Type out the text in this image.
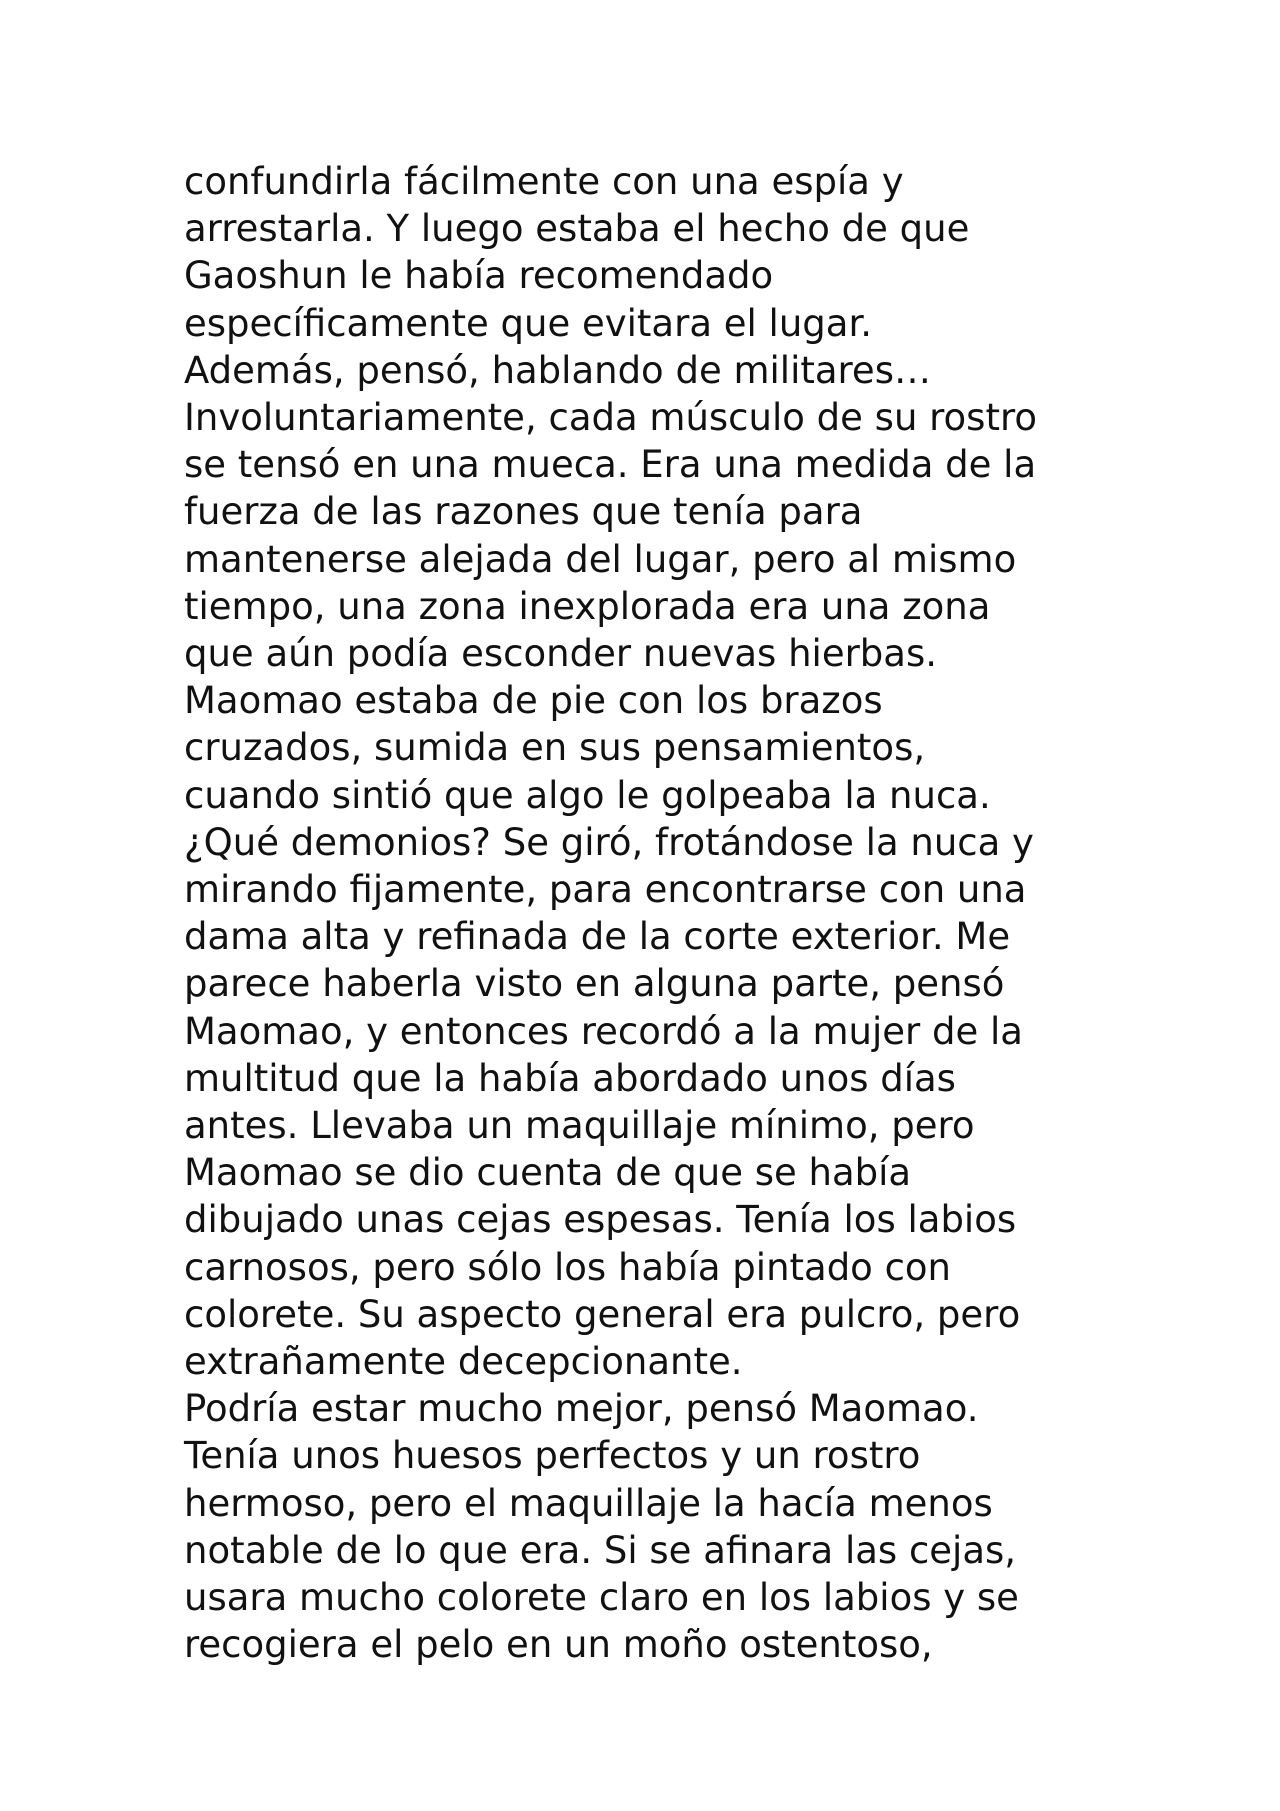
confundirla fácilmente con una espía y
arrestarla. Y luego estaba el hecho de que
Gaoshun le había recomendado
específicamente que evitara el lugar.
Además, pensó, hablando de militares…
Involuntariamente, cada músculo de su rostro
se tensó en una mueca. Era una medida de la
fuerza de las razones que tenía para
mantenerse alejada del lugar, pero al mismo
tiempo, una zona inexplorada era una zona
que aún podía esconder nuevas hierbas.
Maomao estaba de pie con los brazos
cruzados, sumida en sus pensamientos,
cuando sintió que algo le golpeaba la nuca.
¿Qué demonios? Se giró, frotándose la nuca y
mirando fijamente, para encontrarse con una
dama alta y refinada de la corte exterior. Me
parece haberla visto en alguna parte, pensó
Maomao, y entonces recordó a la mujer de la
multitud que la había abordado unos días
antes. Llevaba un maquillaje mínimo, pero
Maomao se dio cuenta de que se había
dibujado unas cejas espesas. Tenía los labios
carnosos, pero sólo los había pintado con
colorete. Su aspecto general era pulcro, pero
extrañamente decepcionante.
Podría estar mucho mejor, pensó Maomao.
Tenía unos huesos perfectos y un rostro
hermoso, pero el maquillaje la hacía menos
notable de lo que era. Si se afinara las cejas,
usara mucho colorete claro en los labios y se
recogiera el pelo en un moño ostentoso,
